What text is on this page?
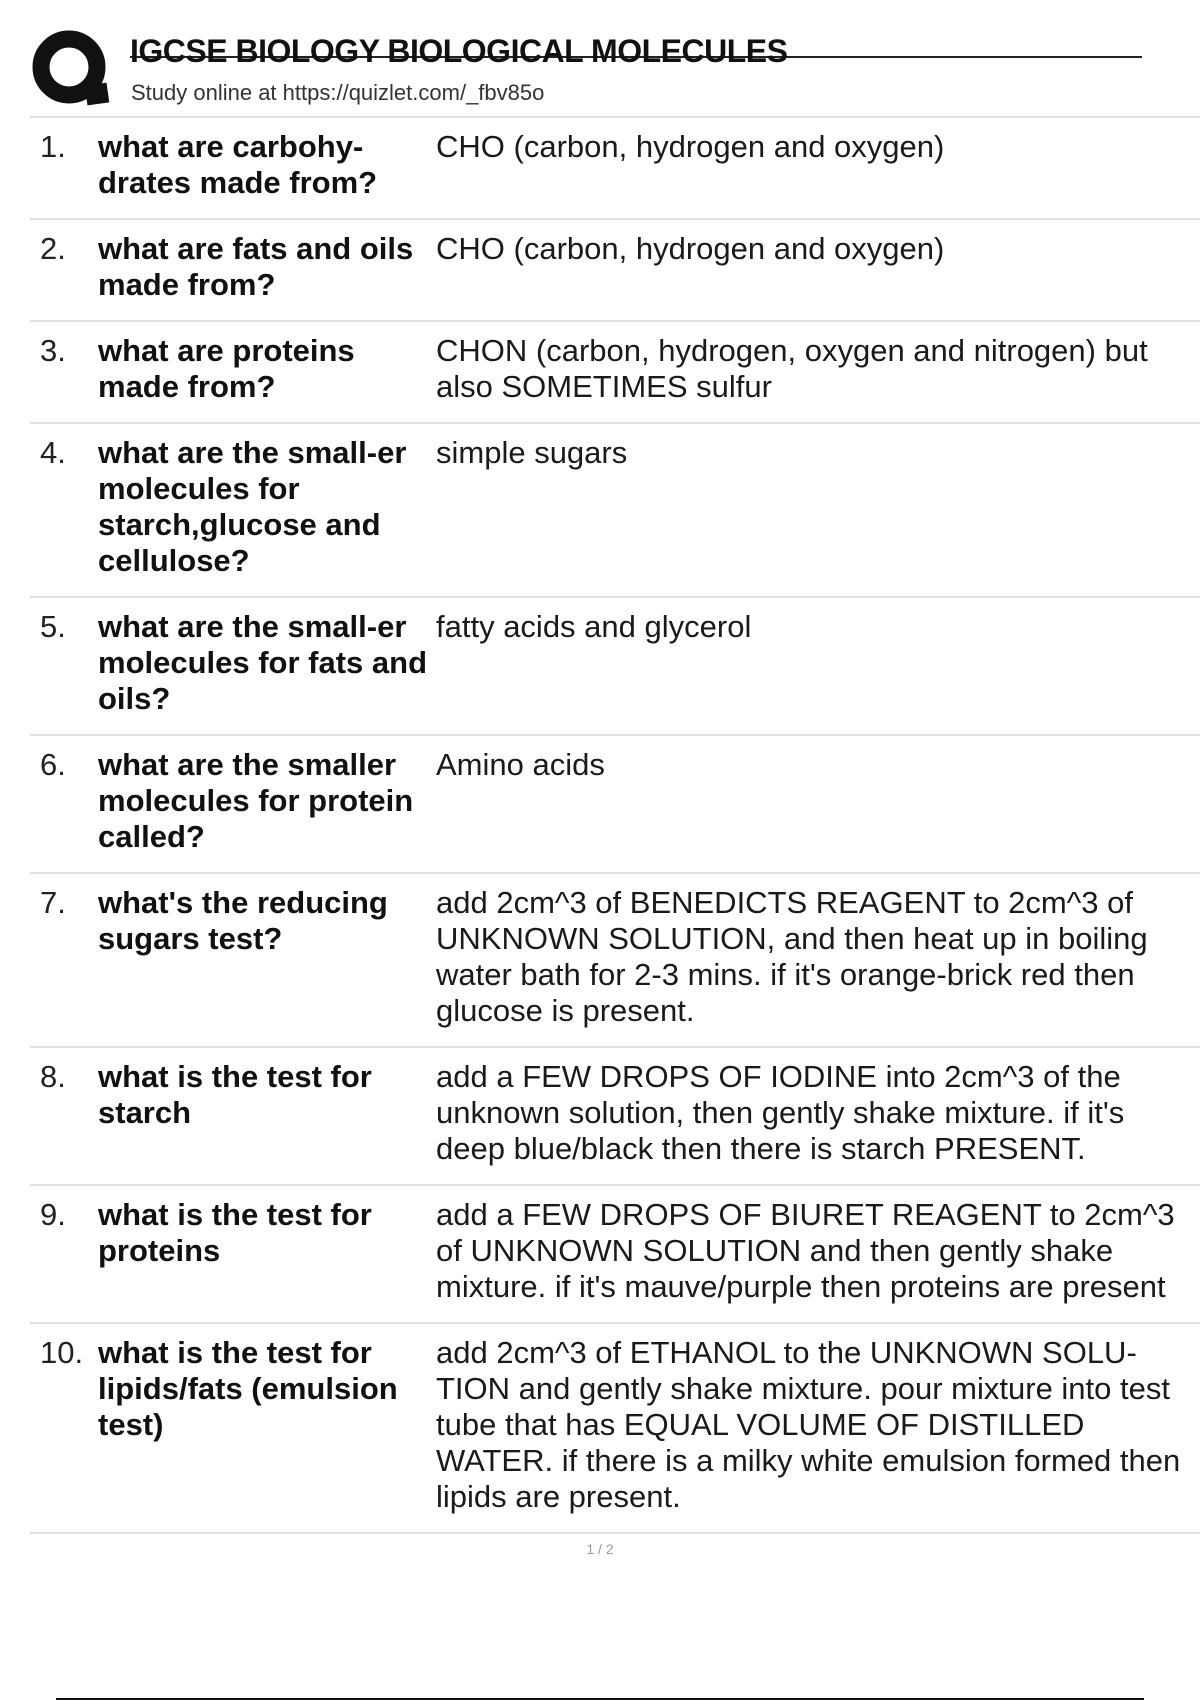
IGCSE BIOLOGY BIOLOGICAL MOLECULES
Study online at https://quizlet.com/_fbv85o
1.	what are carbohy-drates made from?
CHO (carbon, hydrogen and oxygen)
2.	what are fats and oils made from?
CHO (carbon, hydrogen and oxygen)
3.	what are proteins made from?
CHON (carbon, hydrogen, oxygen and nitrogen) but also SOMETIMES sulfur
4.	what are the small-er molecules for starch,glucose and cellulose?
simple sugars
5.	what are the small-er molecules for fats and oils?
fatty acids and glycerol
6.	what are the smaller molecules for protein called?
Amino acids
7.	what's the reducing sugars test?
add 2cm^3 of BENEDICTS REAGENT to 2cm^3 of UNKNOWN SOLUTION, and then heat up in boiling water bath for 2-3 mins. if it's orange-brick red then glucose is present.
8.	what is the test for starch
add a FEW DROPS OF IODINE into 2cm^3 of the unknown solution, then gently shake mixture. if it's deep blue/black then there is starch PRESENT.
9.	what is the test for proteins
add a FEW DROPS OF BIURET REAGENT to 2cm^3 of UNKNOWN SOLUTION and then gently shake mixture. if it's mauve/purple then proteins are present
10. what is the test for lipids/fats (emulsion test)
add 2cm^3 of ETHANOL to the UNKNOWN SOLU-TION and gently shake mixture. pour mixture into test tube that has EQUAL VOLUME OF DISTILLED WATER. if there is a milky white emulsion formed then lipids are present.
1 / 2
